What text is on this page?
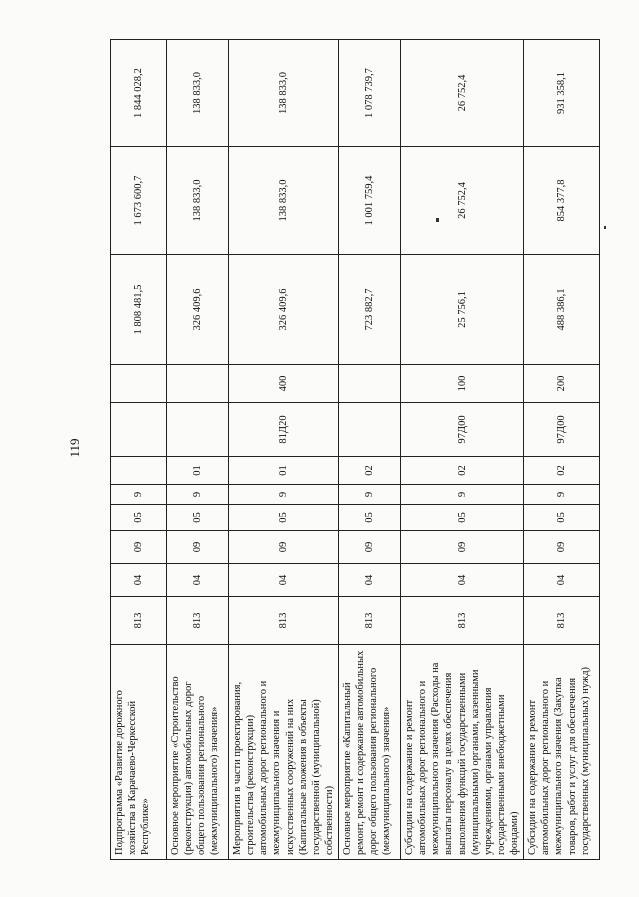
119
Подпрограмма «Развитие дорожного хозяйства в Карачаево-Черкесской Республике»	813	04	09	05	9				1 808 481,5	1 673 600,7	1 844 028,2
Основное мероприятие «Строительство (реконструкция) автомобильных дорог общего пользования регионального (межмуниципального) значения»	813	04	09	05	9	01			326 409,6	138 833,0	138 833,0
Мероприятия в части проектирования, строительства (реконструкции) автомобильных дорог регионального и межмуниципального значения и искусственных сооружений на них (Капитальные вложения в объекты государственной (муниципальной) собственности)	813	04	09	05	9	01	81Д20	400	326 409,6	138 833,0	138 833,0
Основное мероприятие «Капитальный ремонт, ремонт и содержание автомобильных дорог общего пользования регионального (межмуниципального) значения»	813	04	09	05	9	02			723 882,7	1 001 759,4	1 078 739,7
Субсидии на содержание и ремонт автомобильных дорог регионального и межмуниципального значения (Расходы на выплаты персоналу в целях обеспечения выполнения функций государственными (муниципальными) органами, казенными учреждениями, органами управления государственными внебюджетными фондами)	813	04	09	05	9	02	97Д00	100	25 756,1	26 752,4	26 752,4
Субсидии на содержание и ремонт автомобильных дорог регионального и межмуниципального значения (Закупка товаров, работ и услуг для обеспечения государственных (муниципальных) нужд)	813	04	09	05	9	02	97Д00	200	488 386,1	854 377,8	931 358,1
